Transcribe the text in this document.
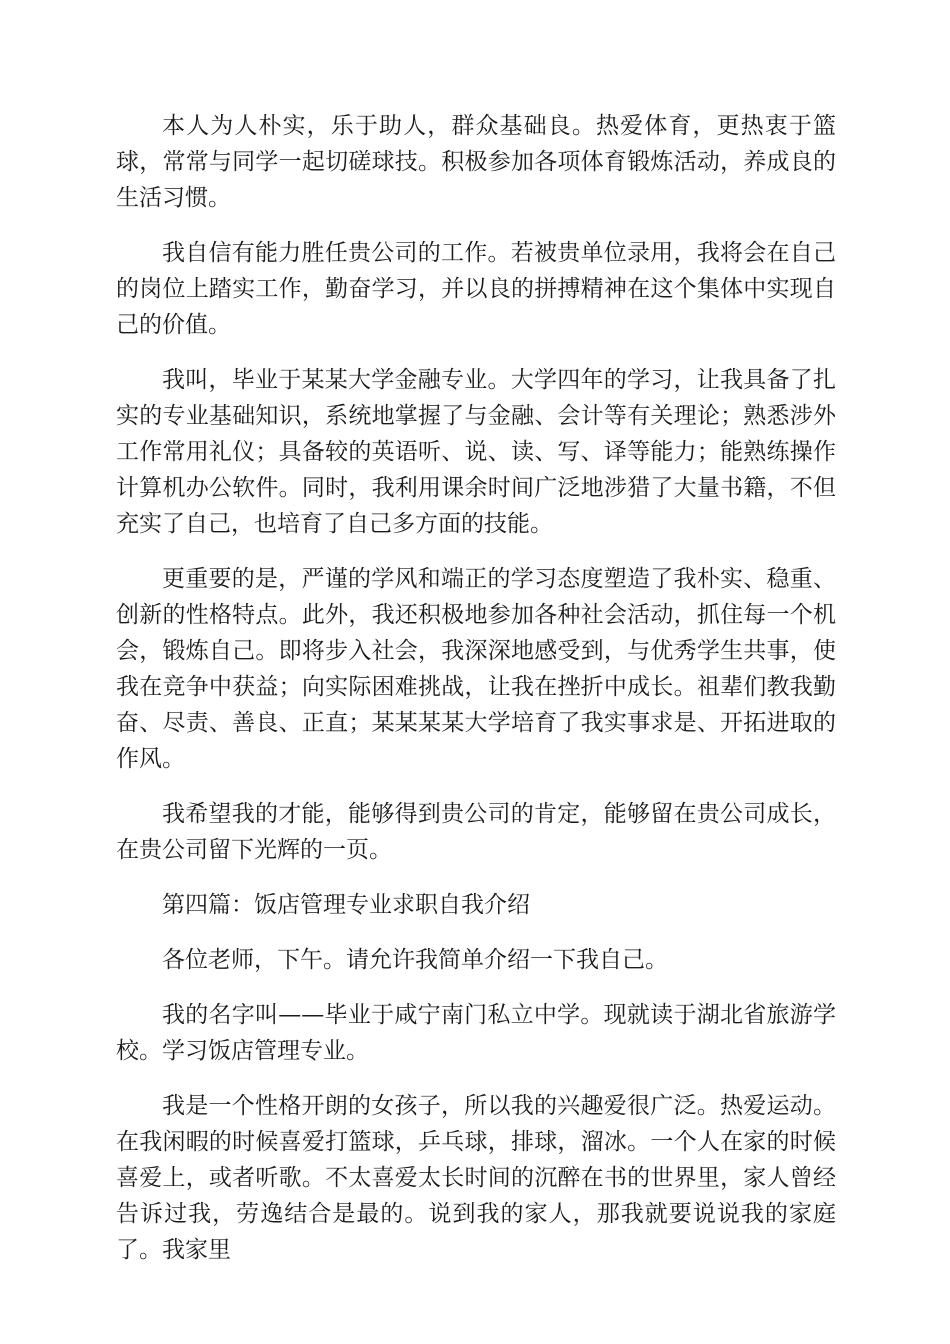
本人为人朴实，乐于助人，群众基础良。热爱体育，更热衷于篮球，常常与同学一起切磋球技。积极参加各项体育锻炼活动，养成良的生活习惯。

我自信有能力胜任贵公司的工作。若被贵单位录用，我将会在自己的岗位上踏实工作，勤奋学习，并以良的拼搏精神在这个集体中实现自己的价值。

我叫，毕业于某某大学金融专业。大学四年的学习，让我具备了扎实的专业基础知识，系统地掌握了与金融、会计等有关理论；熟悉涉外工作常用礼仪；具备较的英语听、说、读、写、译等能力；能熟练操作计算机办公软件。同时，我利用课余时间广泛地涉猎了大量书籍，不但充实了自己，也培育了自己多方面的技能。

更重要的是，严谨的学风和端正的学习态度塑造了我朴实、稳重、创新的性格特点。此外，我还积极地参加各种社会活动，抓住每一个机会，锻炼自己。即将步入社会，我深深地感受到，与优秀学生共事，使我在竞争中获益；向实际困难挑战，让我在挫折中成长。祖辈们教我勤奋、尽责、善良、正直；某某某某大学培育了我实事求是、开拓进取的作风。

我希望我的才能，能够得到贵公司的肯定，能够留在贵公司成长，在贵公司留下光辉的一页。

第四篇：饭店管理专业求职自我介绍

各位老师，下午。请允许我简单介绍一下我自己。

我的名字叫——毕业于咸宁南门私立中学。现就读于湖北省旅游学校。学习饭店管理专业。

我是一个性格开朗的女孩子，所以我的兴趣爱很广泛。热爱运动。在我闲暇的时候喜爱打篮球，乒乓球，排球，溜冰。一个人在家的时候喜爱上，或者听歌。不太喜爱太长时间的沉醉在书的世界里，家人曾经告诉过我，劳逸结合是最的。说到我的家人，那我就要说说我的家庭了。我家里
